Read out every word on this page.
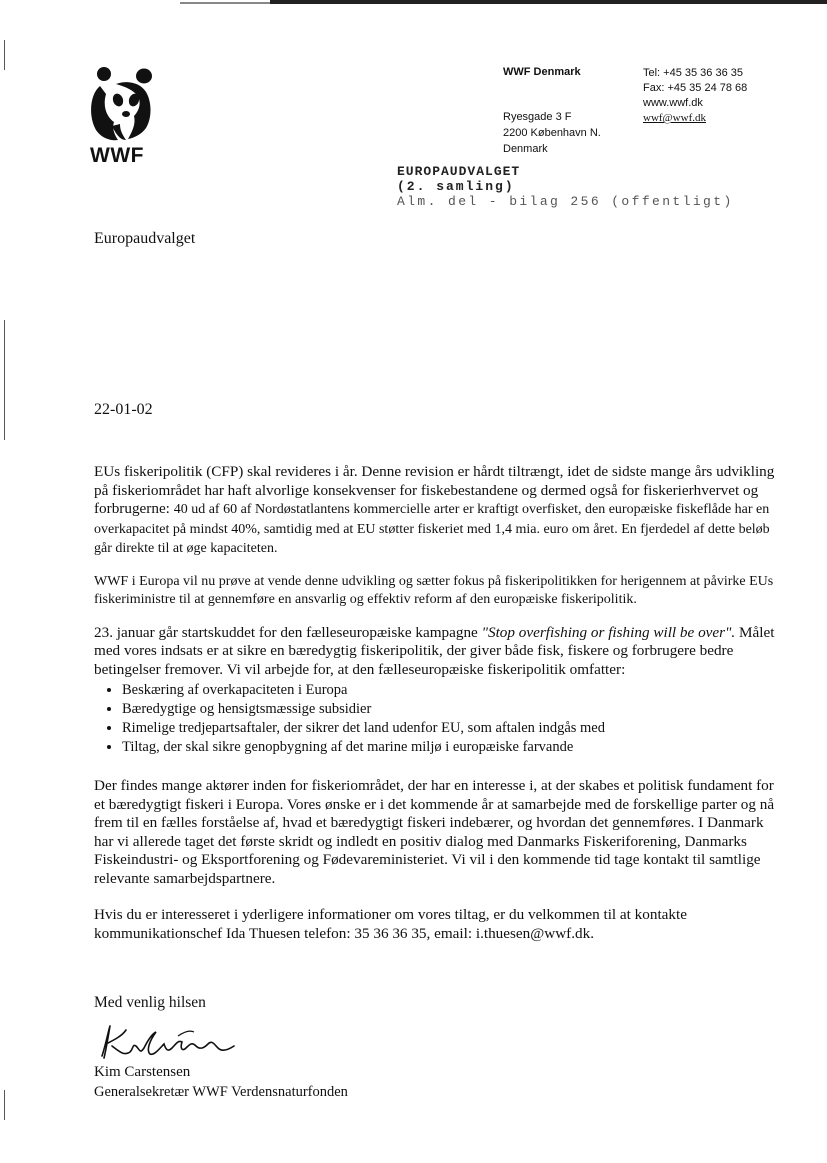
WWF
WWF Denmark
Ryesgade 3 F
2200 København N.
Denmark
Tel: +45 35 36 36 35
Fax: +45 35 24 78 68
www.wwf.dk
wwf@wwf.dk
EUROPAUDVALGET
(2. samling)
Alm. del - bilag 256 (offentligt)
Europaudvalget
22-01-02

EUs fiskeripolitik (CFP) skal revideres i år. Denne revision er hårdt tiltrængt, idet de sidste mange års udvikling på fiskeriområdet har haft alvorlige konsekvenser for fiskebestandene og dermed også for fiskerierhvervet og forbrugerne: 40 ud af 60 af Nordøstatlantens kommercielle arter er kraftigt overfisket, den europæiske fiskeflåde har en overkapacitet på mindst 40%, samtidig med at EU støtter fiskeriet med 1,4 mia. euro om året. En fjerdedel af dette beløb går direkte til at øge kapaciteten.

WWF i Europa vil nu prøve at vende denne udvikling og sætter fokus på fiskeripolitikken for herigennem at påvirke EUs fiskeriministre til at gennemføre en ansvarlig og effektiv reform af den europæiske fiskeripolitik.

23. januar går startskuddet for den fælleseuropæiske kampagne "Stop overfishing or fishing will be over". Målet med vores indsats er at sikre en bæredygtig fiskeripolitik, der giver både fisk, fiskere og forbrugere bedre betingelser fremover. Vi vil arbejde for, at den fælleseuropæiske fiskeripolitik omfatter:

• Beskæring af overkapaciteten i Europa
• Bæredygtige og hensigtsmæssige subsidier
• Rimelige tredjepartsaftaler, der sikrer det land udenfor EU, som aftalen indgås med
• Tiltag, der skal sikre genopbygning af det marine miljø i europæiske farvande

Der findes mange aktører inden for fiskeriområdet, der har en interesse i, at der skabes et politisk fundament for et bæredygtigt fiskeri i Europa. Vores ønske er i det kommende år at samarbejde med de forskellige parter og nå frem til en fælles forståelse af, hvad et bæredygtigt fiskeri indebærer, og hvordan det gennemføres. I Danmark har vi allerede taget det første skridt og indledt en positiv dialog med Danmarks Fiskeriforening, Danmarks Fiskeindustri- og Eksportforening og Fødevareministeriet. Vi vil i den kommende tid tage kontakt til samtlige relevante samarbejdspartnere.

Hvis du er interesseret i yderligere informationer om vores tiltag, er du velkommen til at kontakte kommunikationschef Ida Thuesen telefon: 35 36 36 35, email: i.thuesen@wwf.dk.

Med venlig hilsen
Kim Carstensen
Generalsekretær WWF Verdensnaturfonden
